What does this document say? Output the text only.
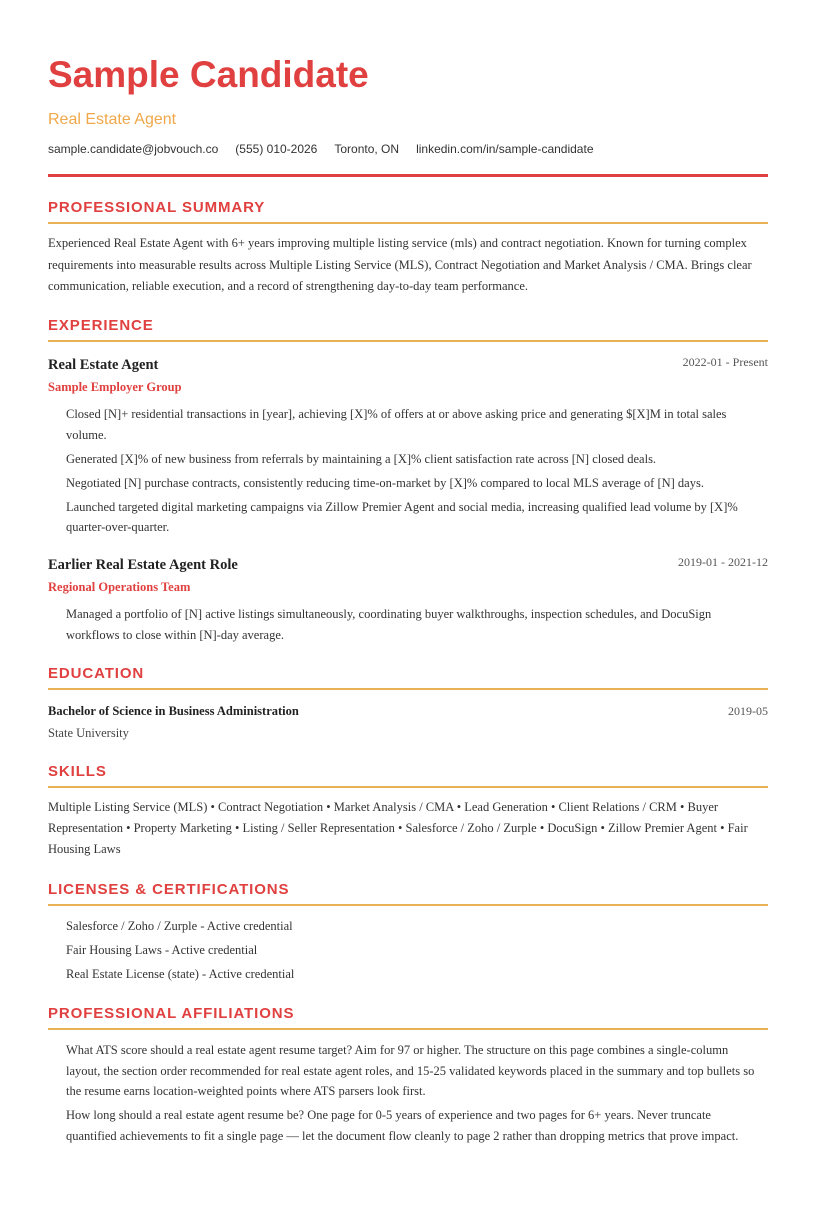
Sample Candidate
Real Estate Agent
sample.candidate@jobvouch.co (555) 010-2026 Toronto, ON linkedin.com/in/sample-candidate
PROFESSIONAL SUMMARY
Experienced Real Estate Agent with 6+ years improving multiple listing service (mls) and contract negotiation. Known for turning complex requirements into measurable results across Multiple Listing Service (MLS), Contract Negotiation and Market Analysis / CMA. Brings clear communication, reliable execution, and a record of strengthening day-to-day team performance.
EXPERIENCE
Real Estate Agent	2022-01 - Present
Sample Employer Group
Closed [N]+ residential transactions in [year], achieving [X]% of offers at or above asking price and generating $[X]M in total sales volume.
Generated [X]% of new business from referrals by maintaining a [X]% client satisfaction rate across [N] closed deals.
Negotiated [N] purchase contracts, consistently reducing time-on-market by [X]% compared to local MLS average of [N] days.
Launched targeted digital marketing campaigns via Zillow Premier Agent and social media, increasing qualified lead volume by [X]% quarter-over-quarter.
Earlier Real Estate Agent Role	2019-01 - 2021-12
Regional Operations Team
Managed a portfolio of [N] active listings simultaneously, coordinating buyer walkthroughs, inspection schedules, and DocuSign workflows to close within [N]-day average.
EDUCATION
Bachelor of Science in Business Administration	2019-05
State University
SKILLS
Multiple Listing Service (MLS) • Contract Negotiation • Market Analysis / CMA • Lead Generation • Client Relations / CRM • Buyer Representation • Property Marketing • Listing / Seller Representation • Salesforce / Zoho / Zurple • DocuSign • Zillow Premier Agent • Fair Housing Laws
LICENSES & CERTIFICATIONS
Salesforce / Zoho / Zurple - Active credential
Fair Housing Laws - Active credential
Real Estate License (state) - Active credential
PROFESSIONAL AFFILIATIONS
What ATS score should a real estate agent resume target? Aim for 97 or higher. The structure on this page combines a single-column layout, the section order recommended for real estate agent roles, and 15-25 validated keywords placed in the summary and top bullets so the resume earns location-weighted points where ATS parsers look first.
How long should a real estate agent resume be? One page for 0-5 years of experience and two pages for 6+ years. Never truncate quantified achievements to fit a single page — let the document flow cleanly to page 2 rather than dropping metrics that prove impact.
